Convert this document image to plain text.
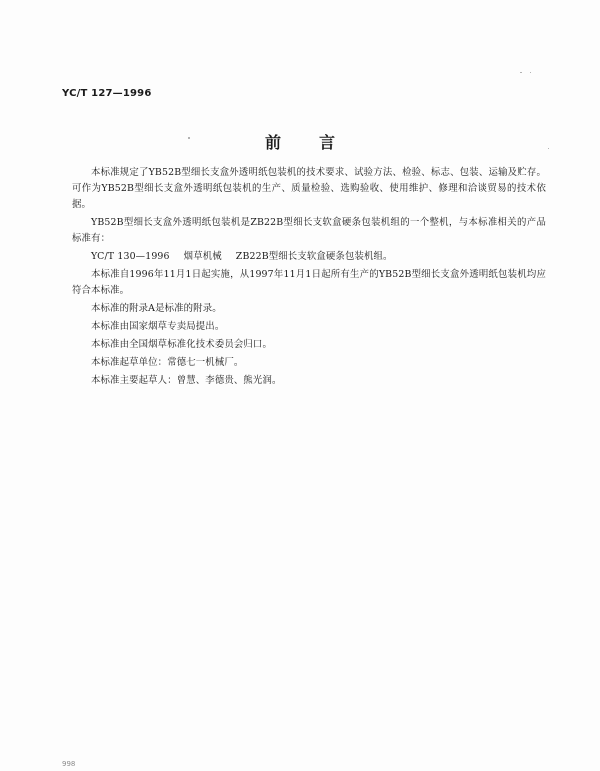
YC/T 127—1996
前言

本标准规定了YB52B型细长支盒外透明纸包装机的技术要求、试验方法、检验、标志、包装、运输及贮存。可作为YB52B型细长支盒外透明纸包装机的生产、质量检验、选购验收、使用维护、修理和洽谈贸易的技术依据。

YB52B型细长支盒外透明纸包装机是ZB22B型细长支软盒硬条包装机组的一个整机，与本标准相关的产品标准有：

YC/T 130—1996 烟草机械 ZB22B型细长支软盒硬条包装机组。

本标准自1996年11月1日起实施，从1997年11月1日起所有生产的YB52B型细长支盒外透明纸包装机均应符合本标准。

本标准的附录A是标准的附录。

本标准由国家烟草专卖局提出。

本标准由全国烟草标准化技术委员会归口。

本标准起草单位：常德七一机械厂。

本标准主要起草人：曾慧、李德贵、熊光润。

998
